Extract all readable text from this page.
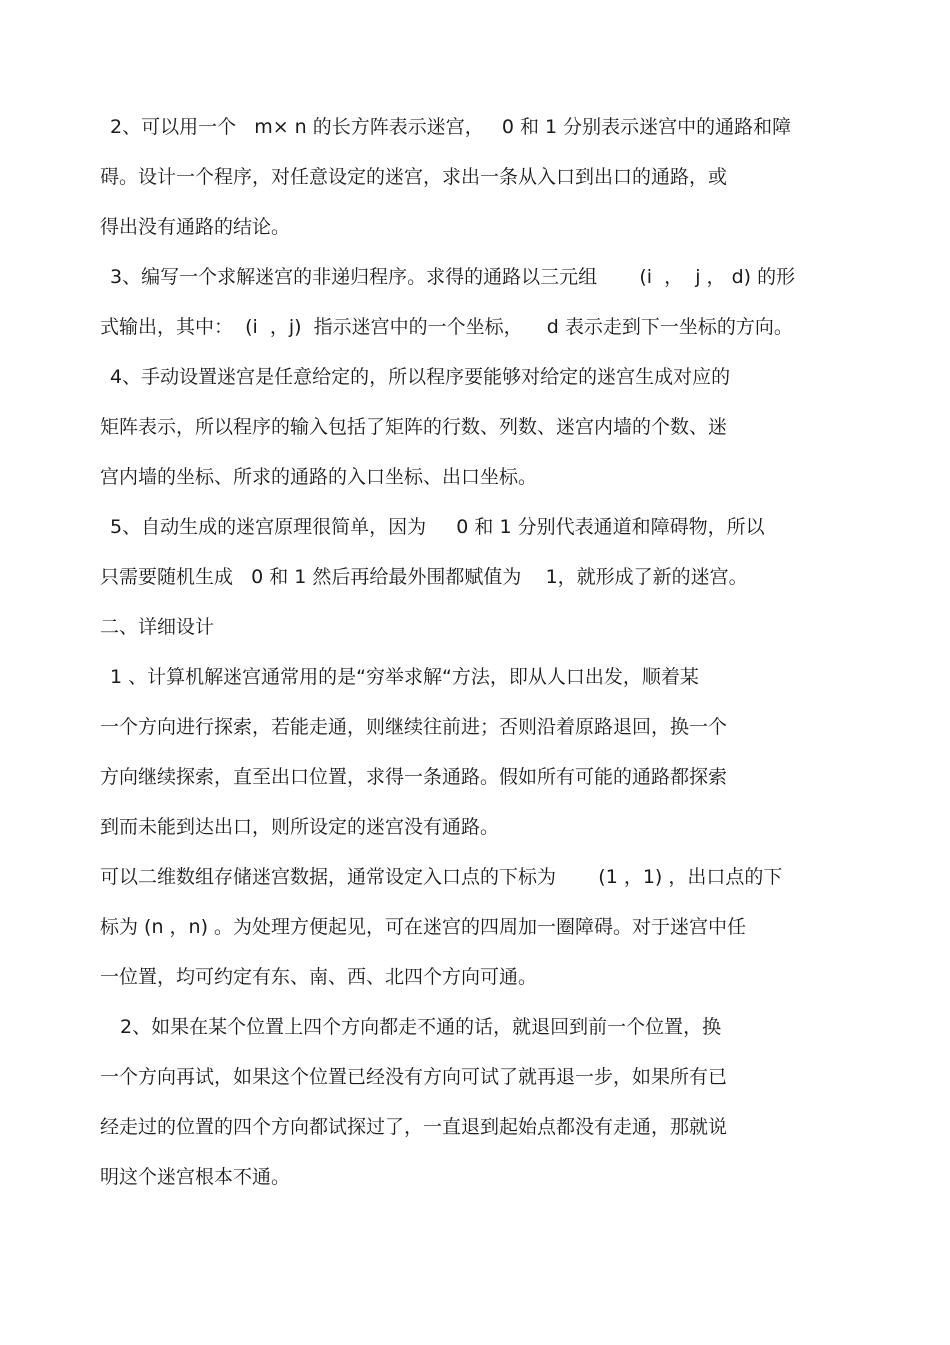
2、可以用一个   m× n 的长方阵表示迷宫，   0 和 1 分别表示迷宫中的通路和障

碍。设计一个程序，对任意设定的迷宫，求出一条从入口到出口的通路，或

得出没有通路的结论。

3、编写一个求解迷宫的非递归程序。求得的通路以三元组       (i  ，  j ， d) 的形

式输出，其中：  (i  ，j)  指示迷宫中的一个坐标，    d 表示走到下一坐标的方向。

4、手动设置迷宫是任意给定的，所以程序要能够对给定的迷宫生成对应的

矩阵表示，所以程序的输入包括了矩阵的行数、列数、迷宫内墙的个数、迷

宫内墙的坐标、所求的通路的入口坐标、出口坐标。

5、自动生成的迷宫原理很简单，因为     0 和 1 分别代表通道和障碍物，所以

只需要随机生成   0 和 1 然后再给最外围都赋值为    1，就形成了新的迷宫。

二、详细设计

1 、计算机解迷宫通常用的是“穷举求解“方法，即从人口出发，顺着某

一个方向进行探索，若能走通，则继续往前进；否则沿着原路退回，换一个

方向继续探索，直至出口位置，求得一条通路。假如所有可能的通路都探索

到而未能到达出口，则所设定的迷宫没有通路。

可以二维数组存储迷宫数据，通常设定入口点的下标为       (1 ，1) ，出口点的下

标为 (n ，n) 。为处理方便起见，可在迷宫的四周加一圈障碍。对于迷宫中任

一位置，均可约定有东、南、西、北四个方向可通。

2、如果在某个位置上四个方向都走不通的话，就退回到前一个位置，换

一个方向再试，如果这个位置已经没有方向可试了就再退一步，如果所有已

经走过的位置的四个方向都试探过了，一直退到起始点都没有走通，那就说

明这个迷宫根本不通。
